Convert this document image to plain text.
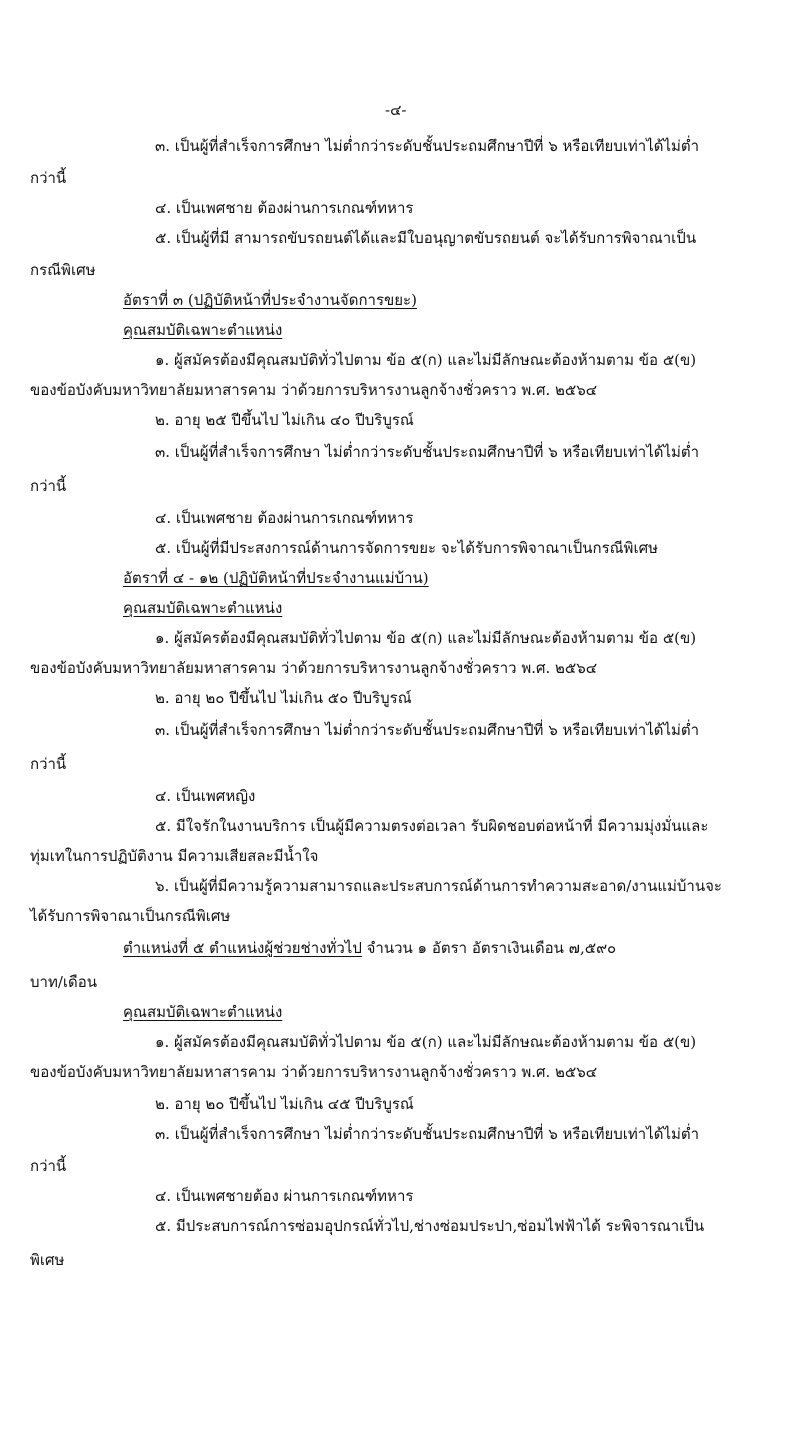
-๔-
๓. เป็นผู้ที่สำเร็จการศึกษา ไม่ต่ำกว่าระดับชั้นประถมศึกษาปีที่ ๖ หรือเทียบเท่าได้ไม่ต่ำ
กว่านี้
๔. เป็นเพศชาย ต้องผ่านการเกณฑ์ทหาร
๕. เป็นผู้ที่มี สามารถขับรถยนต์ได้และมีใบอนุญาตขับรถยนต์ จะได้รับการพิจาณาเป็น
กรณีพิเศษ
อัตราที่ ๓ (ปฏิบัติหน้าที่ประจำงานจัดการขยะ)
คุณสมบัติเฉพาะตำแหน่ง
๑. ผู้สมัครต้องมีคุณสมบัติทั่วไปตาม ข้อ ๕(ก) และไม่มีลักษณะต้องห้ามตาม ข้อ ๕(ข)
ของข้อบังคับมหาวิทยาลัยมหาสารคาม ว่าด้วยการบริหารงานลูกจ้างชั่วคราว พ.ศ. ๒๕๖๔
๒. อายุ ๒๕ ปีขึ้นไป ไม่เกิน ๔๐ ปีบริบูรณ์
๓. เป็นผู้ที่สำเร็จการศึกษา ไม่ต่ำกว่าระดับชั้นประถมศึกษาปีที่ ๖ หรือเทียบเท่าได้ไม่ต่ำ
กว่านี้
๔. เป็นเพศชาย ต้องผ่านการเกณฑ์ทหาร
๕. เป็นผู้ที่มีประสงการณ์ด้านการจัดการขยะ จะได้รับการพิจาณาเป็นกรณีพิเศษ
อัตราที่ ๔ - ๑๒ (ปฏิบัติหน้าที่ประจำงานแม่บ้าน)
คุณสมบัติเฉพาะตำแหน่ง
๑. ผู้สมัครต้องมีคุณสมบัติทั่วไปตาม ข้อ ๕(ก) และไม่มีลักษณะต้องห้ามตาม ข้อ ๕(ข)
ของข้อบังคับมหาวิทยาลัยมหาสารคาม ว่าด้วยการบริหารงานลูกจ้างชั่วคราว พ.ศ. ๒๕๖๔
๒. อายุ ๒๐ ปีขึ้นไป ไม่เกิน ๕๐ ปีบริบูรณ์
๓. เป็นผู้ที่สำเร็จการศึกษา ไม่ต่ำกว่าระดับชั้นประถมศึกษาปีที่ ๖ หรือเทียบเท่าได้ไม่ต่ำ
กว่านี้
๔. เป็นเพศหญิง
๕. มีใจรักในงานบริการ เป็นผู้มีความตรงต่อเวลา รับผิดชอบต่อหน้าที่ มีความมุ่งมั่นและ
ทุ่มเทในการปฏิบัติงาน มีความเสียสละมีน้ำใจ
๖. เป็นผู้ที่มีความรู้ความสามารถและประสบการณ์ด้านการทำความสะอาด/งานแม่บ้านจะ
ได้รับการพิจาณาเป็นกรณีพิเศษ
ตำแหน่งที่ ๕ ตำแหน่งผู้ช่วยช่างทั่วไป จำนวน ๑ อัตรา อัตราเงินเดือน ๗,๕๙๐
บาท/เดือน
คุณสมบัติเฉพาะตำแหน่ง
๑. ผู้สมัครต้องมีคุณสมบัติทั่วไปตาม ข้อ ๕(ก) และไม่มีลักษณะต้องห้ามตาม ข้อ ๕(ข)
ของข้อบังคับมหาวิทยาลัยมหาสารคาม ว่าด้วยการบริหารงานลูกจ้างชั่วคราว พ.ศ. ๒๕๖๔
๒. อายุ ๒๐ ปีขึ้นไป ไม่เกิน ๔๕ ปีบริบูรณ์
๓. เป็นผู้ที่สำเร็จการศึกษา ไม่ต่ำกว่าระดับชั้นประถมศึกษาปีที่ ๖ หรือเทียบเท่าได้ไม่ต่ำ
กว่านี้
๔. เป็นเพศชายต้อง ผ่านการเกณฑ์ทหาร
๕. มีประสบการณ์การซ่อมอุปกรณ์ทั่วไป,ช่างซ่อมประปา,ซ่อมไฟฟ้าได้ ระพิจารณาเป็น
พิเศษ
